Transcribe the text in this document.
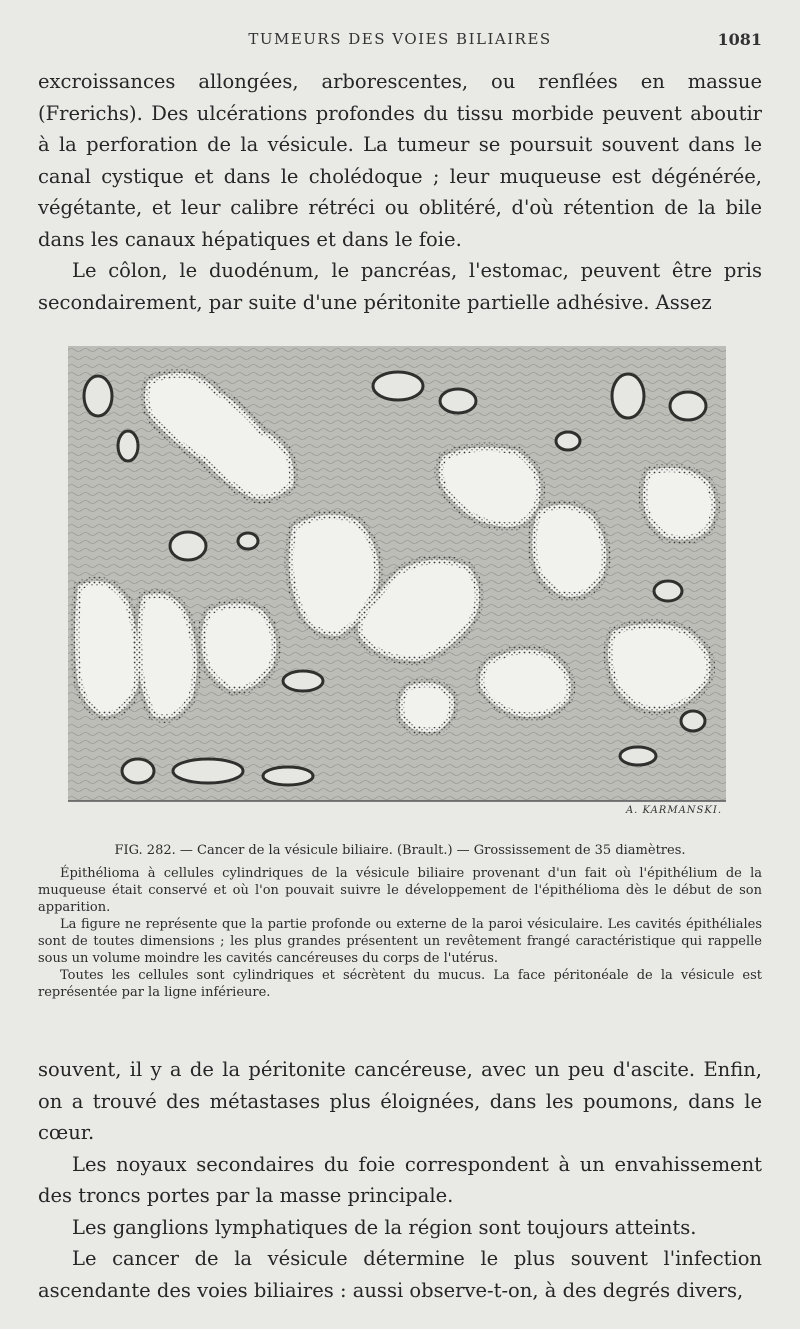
TUMEURS DES VOIES BILIAIRES	1081

excroissances allongées, arborescentes, ou renflées en massue (Frerichs). Des ulcérations profondes du tissu morbide peuvent aboutir à la perforation de la vésicule. La tumeur se poursuit souvent dans le canal cystique et dans le cholédoque ; leur muqueuse est dégénérée, végétante, et leur calibre rétréci ou oblitéré, d'où rétention de la bile dans les canaux hépatiques et dans le foie.

Le côlon, le duodénum, le pancréas, l'estomac, peuvent être pris secondairement, par suite d'une péritonite partielle adhésive. Assez

A. KARMANSKI.

FIG. 282. — Cancer de la vésicule biliaire. (Brault.) — Grossissement de 35 diamètres.

Épithélioma à cellules cylindriques de la vésicule biliaire provenant d'un fait où l'épithélium de la muqueuse était conservé et où l'on pouvait suivre le développement de l'épithélioma dès le début de son apparition.

La figure ne représente que la partie profonde ou externe de la paroi vésiculaire. Les cavités épithéliales sont de toutes dimensions ; les plus grandes présentent un revêtement frangé caractéristique qui rappelle sous un volume moindre les cavités cancéreuses du corps de l'utérus.

Toutes les cellules sont cylindriques et sécrètent du mucus. La face péritonéale de la vésicule est représentée par la ligne inférieure.

souvent, il y a de la péritonite cancéreuse, avec un peu d'ascite. Enfin, on a trouvé des métastases plus éloignées, dans les poumons, dans le cœur.

Les noyaux secondaires du foie correspondent à un envahissement des troncs portes par la masse principale.

Les ganglions lymphatiques de la région sont toujours atteints.

Le cancer de la vésicule détermine le plus souvent l'infection ascendante des voies biliaires : aussi observe-t-on, à des degrés divers,
